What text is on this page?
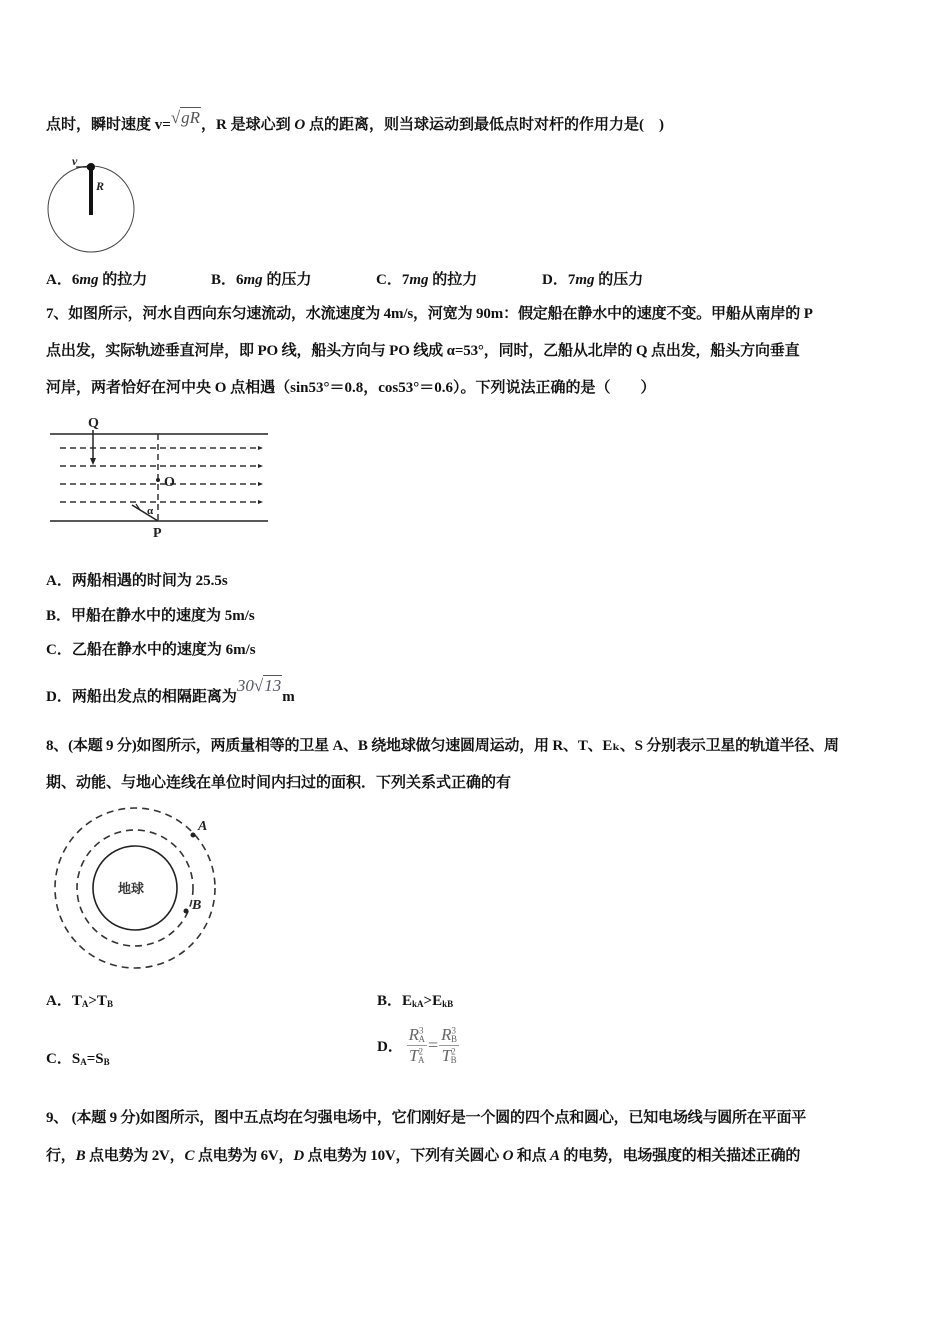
点时，瞬时速度 v=√gR，R 是球心到 O 点的距离，则当球运动到最低点时对杆的作用力是(　)
v
R
A．6mg 的拉力	B．6mg 的压力	C．7mg 的拉力	D．7mg 的压力
7、如图所示，河水自西向东匀速流动，水流速度为 4m/s，河宽为 90m：假定船在静水中的速度不变。甲船从南岸的 P
点出发，实际轨迹垂直河岸，即 PO 线，船头方向与 PO 线成 α=53°，同时，乙船从北岸的 Q 点出发，船头方向垂直
河岸，两者恰好在河中央 O 点相遇（sin53°＝0.8，cos53°＝0.6）。下列说法正确的是（　　）
Q
O
P
α
A．两船相遇的时间为 25.5s
B．甲船在静水中的速度为 5m/s
C．乙船在静水中的速度为 6m/s
D．两船出发点的相隔距离为30√13m
8、(本题 9 分)如图所示，两质量相等的卫星 A、B 绕地球做匀速圆周运动，用 R、T、Eₖ、S 分别表示卫星的轨道半径、周
期、动能、与地心连线在单位时间内扫过的面积．下列关系式正确的有
地球
A
B
A．$T_A>T_B$	B．$E_{kA}>E_{kB}$
C．$S_A=S_B$
D． $\frac{R^3_A}{T^2_A} = \frac{R^3_B}{T^2_B}$
9、 (本题 9 分)如图所示，图中五点均在匀强电场中，它们刚好是一个圆的四个点和圆心，已知电场线与圆所在平面平
行，B 点电势为 2V，C 点电势为 6V，D 点电势为 10V，下列有关圆心 O 和点 A 的电势，电场强度的相关描述正确的
